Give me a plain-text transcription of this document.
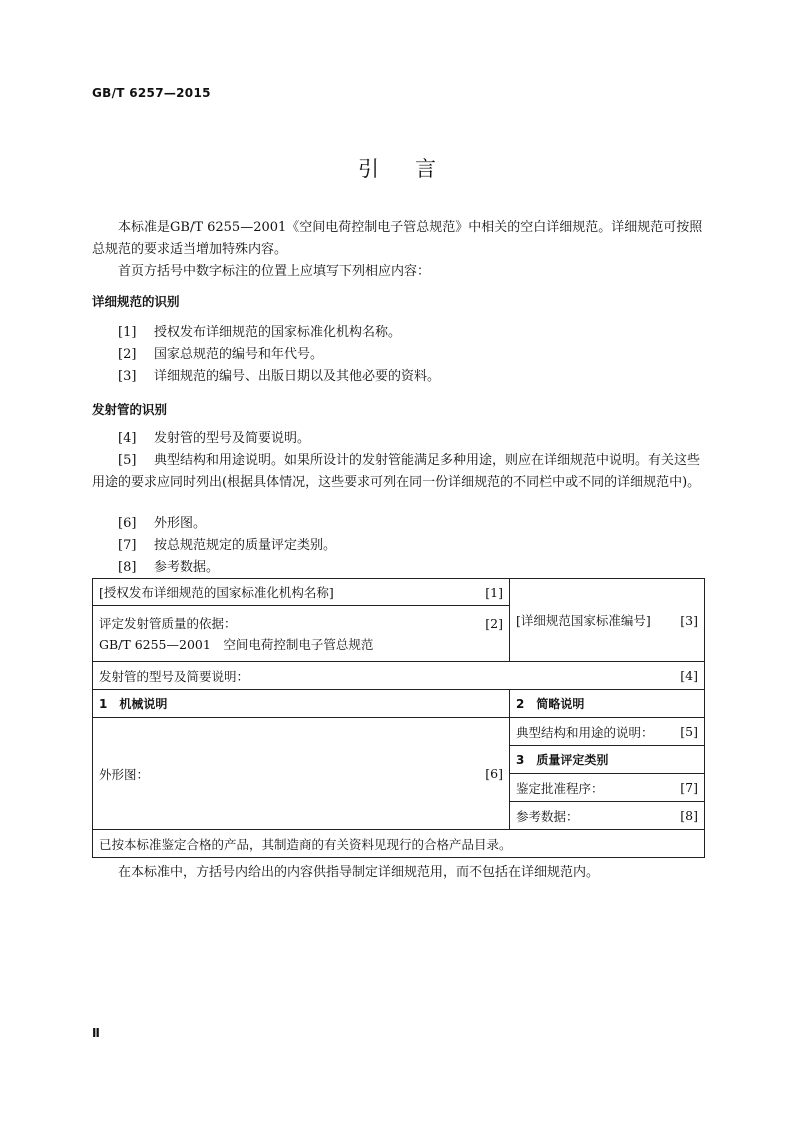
GB/T 6257—2015
引言
本标准是GB/T 6255—2001《空间电荷控制电子管总规范》中相关的空白详细规范。详细规范可按照总规范的要求适当增加特殊内容。
首页方括号中数字标注的位置上应填写下列相应内容：
详细规范的识别
[1] 授权发布详细规范的国家标准化机构名称。
[2] 国家总规范的编号和年代号。
[3] 详细规范的编号、出版日期以及其他必要的资料。
发射管的识别
[4] 发射管的型号及简要说明。
[5] 典型结构和用途说明。如果所设计的发射管能满足多种用途，则应在详细规范中说明。有关这些用途的要求应同时列出(根据具体情况，这些要求可列在同一份详细规范的不同栏中或不同的详细规范中)。
[6] 外形图。
[7] 按总规范规定的质量评定类别。
[8] 参考数据。
[授权发布详细规范的国家标准化机构名称] [1]	[详细规范国家标准编号] [3]

评定发射管质量的依据： [2]
GB/T 6255—2001　空间电荷控制电子管总规范	

发射管的型号及简要说明： [4]	

1　机械说明	2　简略说明

外形图： [6]	典型结构和用途的说明： [5]

	3　质量评定类别

	鉴定批准程序： [7]

	参考数据： [8]

已按本标准鉴定合格的产品，其制造商的有关资料见现行的合格产品目录。	
在本标准中，方括号内给出的内容供指导制定详细规范用，而不包括在详细规范内。
Ⅱ
